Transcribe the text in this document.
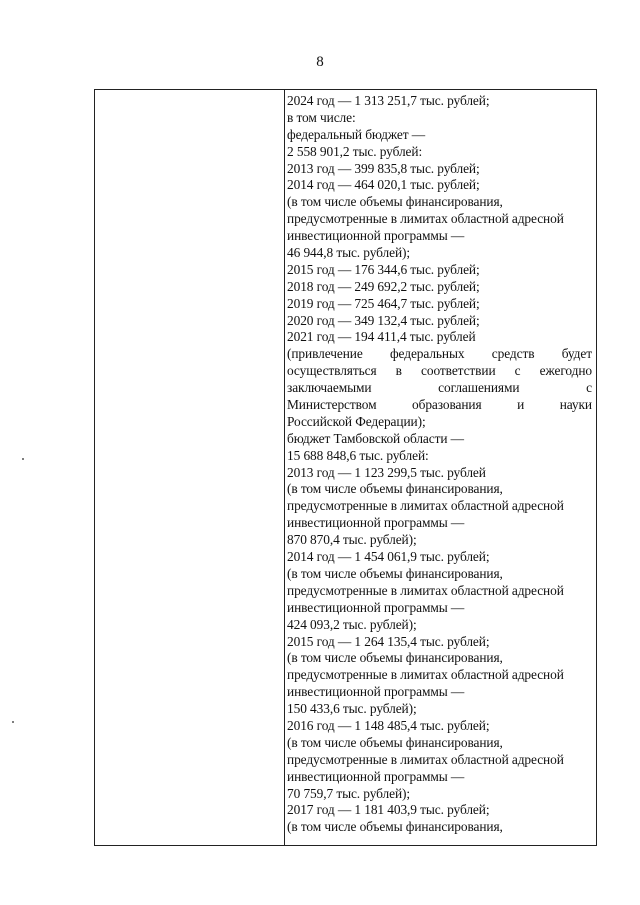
8
2024 год — 1 313 251,7 тыс. рублей;
в том числе:
федеральный бюджет —
2 558 901,2 тыс. рублей:
2013 год — 399 835,8 тыс. рублей;
2014 год — 464 020,1 тыс. рублей;
(в том числе объемы финансирования,
предусмотренные в лимитах областной адресной
инвестиционной программы —
46 944,8 тыс. рублей);
2015 год — 176 344,6 тыс. рублей;
2018 год — 249 692,2 тыс. рублей;
2019 год — 725 464,7 тыс. рублей;
2020 год — 349 132,4 тыс. рублей;
2021 год — 194 411,4 тыс. рублей
(привлечение федеральных средств будет
осуществляться в соответствии с ежегодно
заключаемыми соглашениями с
Министерством образования и науки
Российской Федерации);
бюджет Тамбовской области —
15 688 848,6 тыс. рублей:
2013 год — 1 123 299,5 тыс. рублей
(в том числе объемы финансирования,
предусмотренные в лимитах областной адресной
инвестиционной программы —
870 870,4 тыс. рублей);
2014 год — 1 454 061,9 тыс. рублей;
(в том числе объемы финансирования,
предусмотренные в лимитах областной адресной
инвестиционной программы —
424 093,2 тыс. рублей);
2015 год — 1 264 135,4 тыс. рублей;
(в том числе объемы финансирования,
предусмотренные в лимитах областной адресной
инвестиционной программы —
150 433,6 тыс. рублей);
2016 год — 1 148 485,4 тыс. рублей;
(в том числе объемы финансирования,
предусмотренные в лимитах областной адресной
инвестиционной программы —
70 759,7 тыс. рублей);
2017 год — 1 181 403,9 тыс. рублей;
(в том числе объемы финансирования,
